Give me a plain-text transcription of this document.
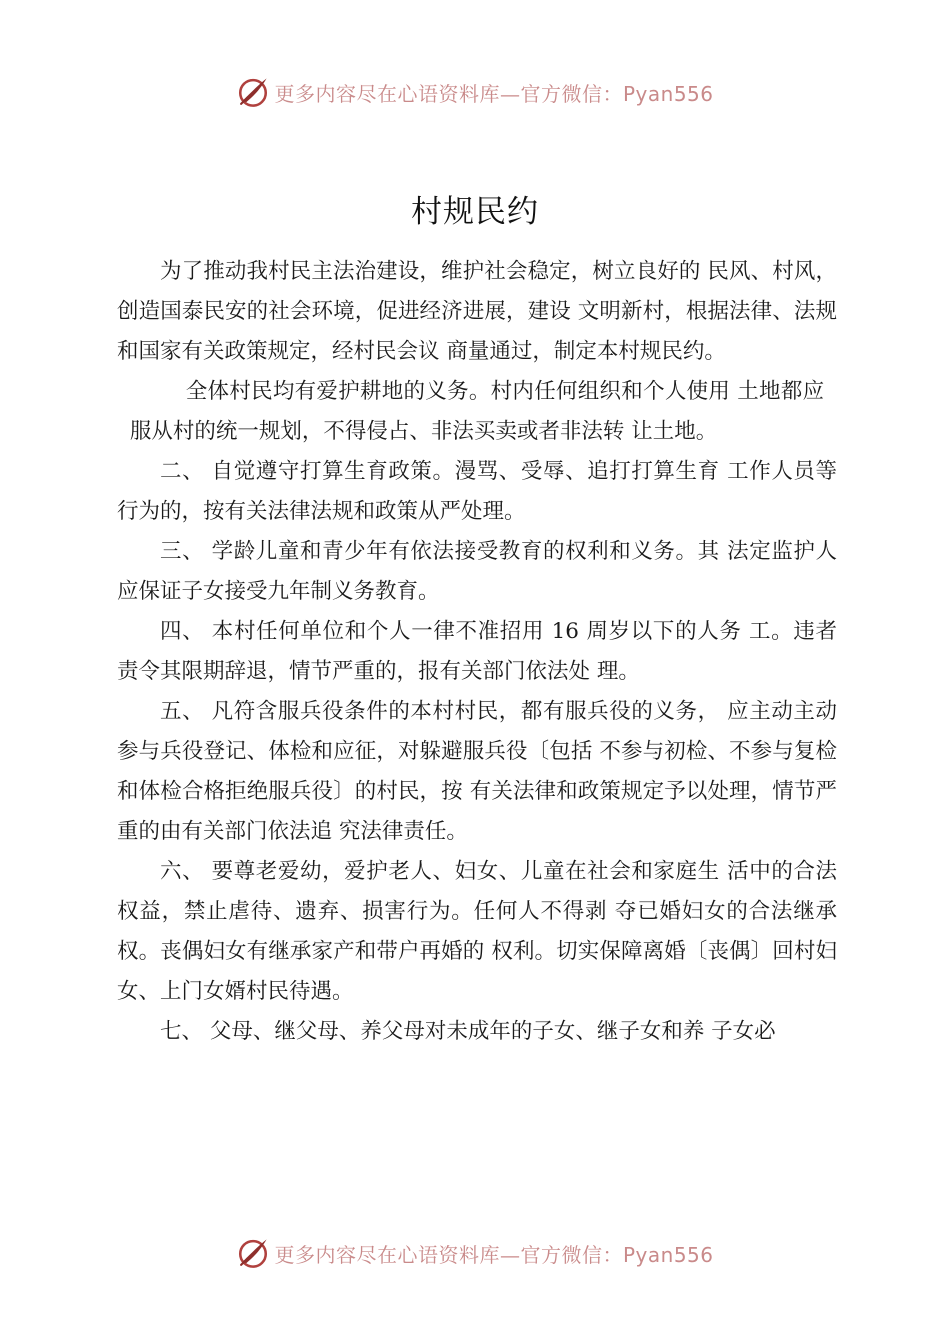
更多内容尽在心语资料库—官方微信：Pyan556
村规民约

为了推动我村民主法治建设，维护社会稳定，树立良好的 民风、村风，创造国泰民安的社会环境，促进经济进展，建设 文明新村，根据法律、法规和国家有关政策规定，经村民会议 商量通过，制定本村规民约。

全体村民均有爱护耕地的义务。村内任何组织和个人使用 土地都应服从村的统一规划，不得侵占、非法买卖或者非法转 让土地。

二、 自觉遵守打算生育政策。漫骂、受辱、追打打算生育 工作人员等行为的，按有关法律法规和政策从严处理。

三、 学龄儿童和青少年有依法接受教育的权利和义务。其 法定监护人应保证子女接受九年制义务教育。

四、 本村任何单位和个人一律不准招用 16 周岁以下的人务 工。违者责令其限期辞退，情节严重的，报有关部门依法处 理。

五、 凡符含服兵役条件的本村村民，都有服兵役的义务， 应主动主动参与兵役登记、体检和应征，对躲避服兵役〔包括 不参与初检、不参与复检和体检合格拒绝服兵役〕的村民，按 有关法律和政策规定予以处理，情节严重的由有关部门依法追 究法律责任。

六、 要尊老爱幼，爱护老人、妇女、儿童在社会和家庭生 活中的合法权益，禁止虐待、遗弃、损害行为。任何人不得剥 夺已婚妇女的合法继承权。丧偶妇女有继承家产和带户再婚的 权利。切实保障离婚〔丧偶〕回村妇女、上门女婿村民待遇。

七、 父母、继父母、养父母对未成年的子女、继子女和养 子女必

更多内容尽在心语资料库—官方微信：Pyan556
